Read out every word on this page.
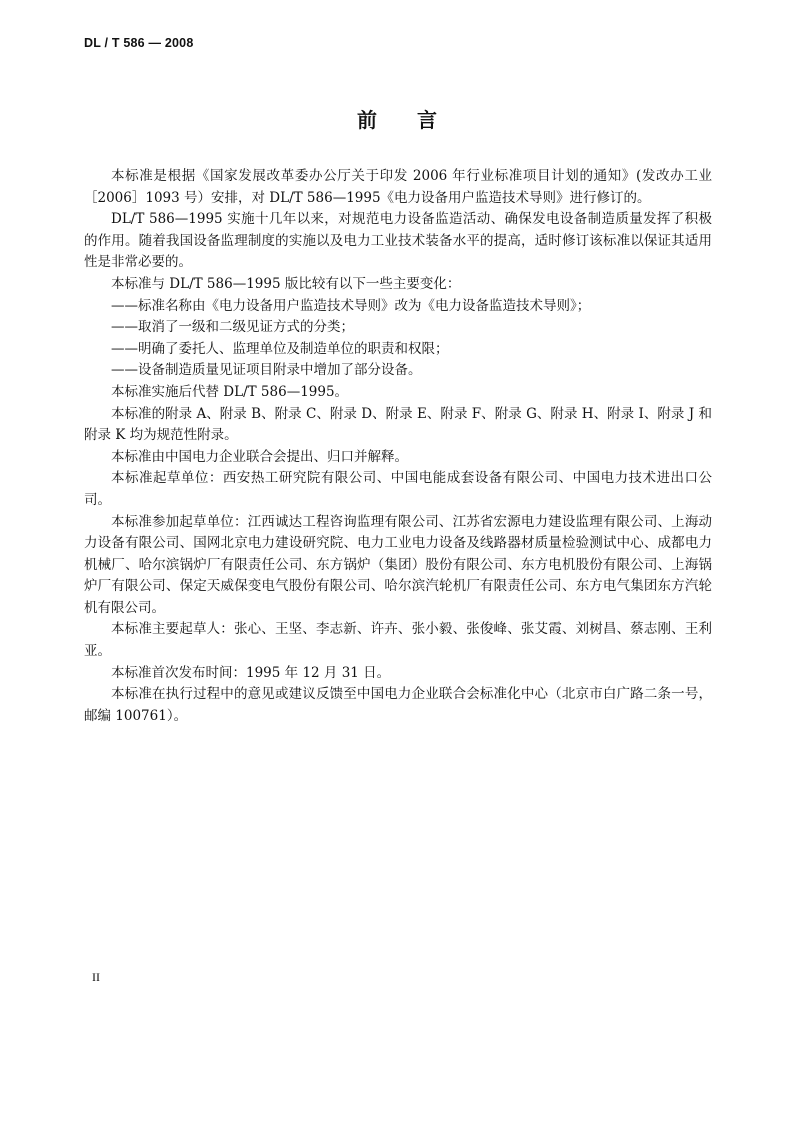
DL / T 586 — 2008
前言

本标准是根据《国家发展改革委办公厅关于印发 2006 年行业标准项目计划的通知》(发改办工业［2006］1093 号）安排，对 DL/T 586—1995《电力设备用户监造技术导则》进行修订的。

DL/T 586—1995 实施十几年以来，对规范电力设备监造活动、确保发电设备制造质量发挥了积极的作用。随着我国设备监理制度的实施以及电力工业技术装备水平的提高，适时修订该标准以保证其适用性是非常必要的。

本标准与 DL/T 586—1995 版比较有以下一些主要变化：

——标准名称由《电力设备用户监造技术导则》改为《电力设备监造技术导则》；

——取消了一级和二级见证方式的分类；

——明确了委托人、监理单位及制造单位的职责和权限；

——设备制造质量见证项目附录中增加了部分设备。

本标准实施后代替 DL/T 586—1995。

本标准的附录 A、附录 B、附录 C、附录 D、附录 E、附录 F、附录 G、附录 H、附录 I、附录 J 和附录 K 均为规范性附录。

本标准由中国电力企业联合会提出、归口并解释。

本标准起草单位：西安热工研究院有限公司、中国电能成套设备有限公司、中国电力技术进出口公司。

本标准参加起草单位：江西诚达工程咨询监理有限公司、江苏省宏源电力建设监理有限公司、上海动力设备有限公司、国网北京电力建设研究院、电力工业电力设备及线路器材质量检验测试中心、成都电力机械厂、哈尔滨锅炉厂有限责任公司、东方锅炉（集团）股份有限公司、东方电机股份有限公司、上海锅炉厂有限公司、保定天威保变电气股份有限公司、哈尔滨汽轮机厂有限责任公司、东方电气集团东方汽轮机有限公司。

本标准主要起草人：张心、王坚、李志新、许卉、张小毅、张俊峰、张艾霞、刘树昌、蔡志刚、王利亚。

本标准首次发布时间：1995 年 12 月 31 日。

本标准在执行过程中的意见或建议反馈至中国电力企业联合会标准化中心（北京市白广路二条一号，邮编 100761）。

II
